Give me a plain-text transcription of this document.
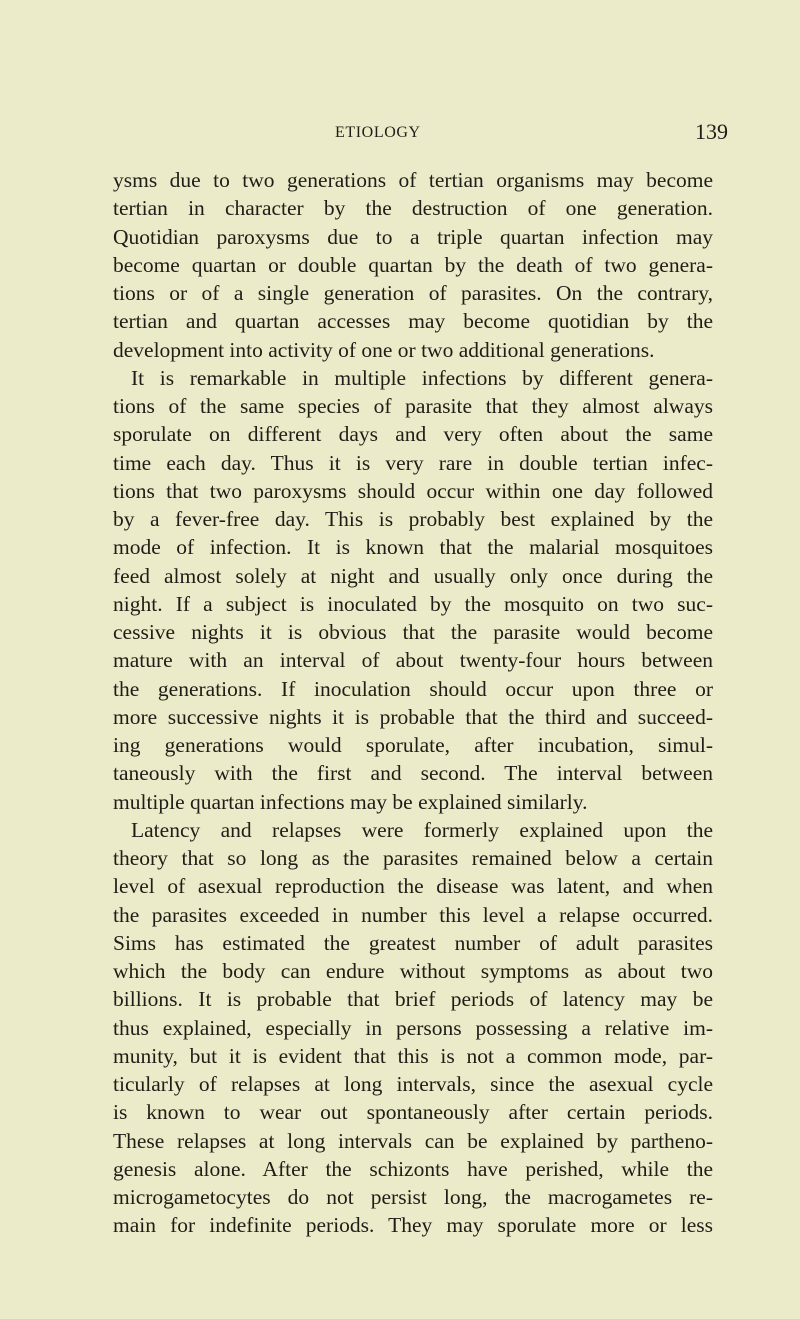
ETIOLOGY	139
ysms due to two generations of tertian organisms may become
tertian in character by the destruction of one generation.
Quotidian paroxysms due to a triple quartan infection may
become quartan or double quartan by the death of two genera-
tions or of a single generation of parasites. On the contrary,
tertian and quartan accesses may become quotidian by the
development into activity of one or two additional generations.
It is remarkable in multiple infections by different genera-
tions of the same species of parasite that they almost always
sporulate on different days and very often about the same
time each day. Thus it is very rare in double tertian infec-
tions that two paroxysms should occur within one day followed
by a fever-free day. This is probably best explained by the
mode of infection. It is known that the malarial mosquitoes
feed almost solely at night and usually only once during the
night. If a subject is inoculated by the mosquito on two suc-
cessive nights it is obvious that the parasite would become
mature with an interval of about twenty-four hours between
the generations. If inoculation should occur upon three or
more successive nights it is probable that the third and succeed-
ing generations would sporulate, after incubation, simul-
taneously with the first and second. The interval between
multiple quartan infections may be explained similarly.
Latency and relapses were formerly explained upon the
theory that so long as the parasites remained below a certain
level of asexual reproduction the disease was latent, and when
the parasites exceeded in number this level a relapse occurred.
Sims has estimated the greatest number of adult parasites
which the body can endure without symptoms as about two
billions. It is probable that brief periods of latency may be
thus explained, especially in persons possessing a relative im-
munity, but it is evident that this is not a common mode, par-
ticularly of relapses at long intervals, since the asexual cycle
is known to wear out spontaneously after certain periods.
These relapses at long intervals can be explained by partheno-
genesis alone. After the schizonts have perished, while the
microgametocytes do not persist long, the macrogametes re-
main for indefinite periods. They may sporulate more or less
